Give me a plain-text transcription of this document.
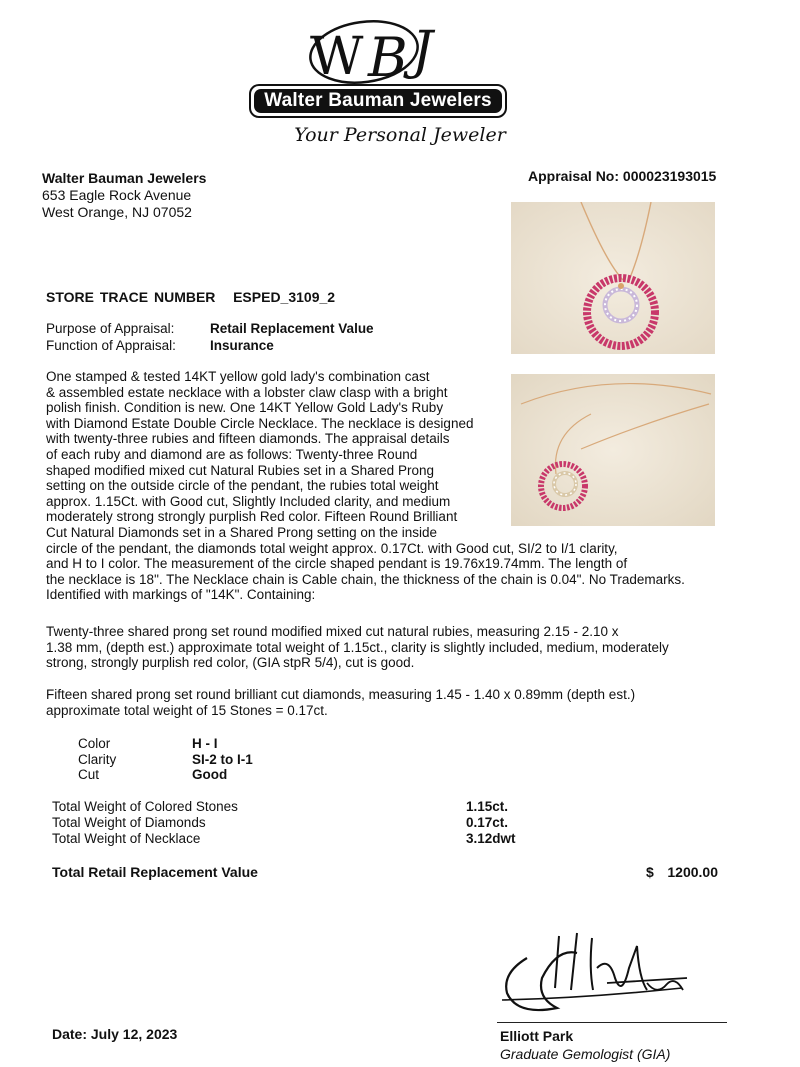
W B J
Walter Bauman Jewelers
Your Personal Jeweler
Walter Bauman Jewelers
653 Eagle Rock Avenue
West Orange, NJ 07052
Appraisal No: 000023193015
STORE TRACE NUMBER ESPED_3109_2
Purpose of Appraisal:	Retail Replacement Value
Function of Appraisal:	Insurance
One stamped & tested 14KT yellow gold lady's combination cast
& assembled estate necklace with a lobster claw clasp with a bright
polish finish. Condition is new. One 14KT Yellow Gold Lady's Ruby
with Diamond Estate Double Circle Necklace. The necklace is designed
with twenty-three rubies and fifteen diamonds. The appraisal details
of each ruby and diamond are as follows: Twenty-three Round
shaped modified mixed cut Natural Rubies set in a Shared Prong
setting on the outside circle of the pendant, the rubies total weight
approx. 1.15Ct. with Good cut, Slightly Included clarity, and medium
moderately strong strongly purplish Red color. Fifteen Round Brilliant
Cut Natural Diamonds set in a Shared Prong setting on the inside
circle of the pendant, the diamonds total weight approx. 0.17Ct. with Good cut, SI/2 to I/1 clarity,
and H to I color. The measurement of the circle shaped pendant is 19.76x19.74mm. The length of
the necklace is 18". The Necklace chain is Cable chain, the thickness of the chain is 0.04". No Trademarks.
Identified with markings of "14K". Containing:
Twenty-three shared prong set round modified mixed cut natural rubies, measuring 2.15 - 2.10 x
1.38 mm, (depth est.) approximate total weight of 1.15ct., clarity is slightly included, medium, moderately
strong, strongly purplish red color, (GIA stpR 5/4), cut is good.
Fifteen shared prong set round brilliant cut diamonds, measuring 1.45 - 1.40 x 0.89mm (depth est.)
approximate total weight of 15 Stones = 0.17ct.
Color	H - I
Clarity	SI-2 to I-1
Cut	Good
Total Weight of Colored Stones	1.15ct.
Total Weight of Diamonds	0.17ct.
Total Weight of Necklace	3.12dwt
Total Retail Replacement Value	$ 1200.00
Date: July 12, 2023	Elliott Park
Graduate Gemologist (GIA)
